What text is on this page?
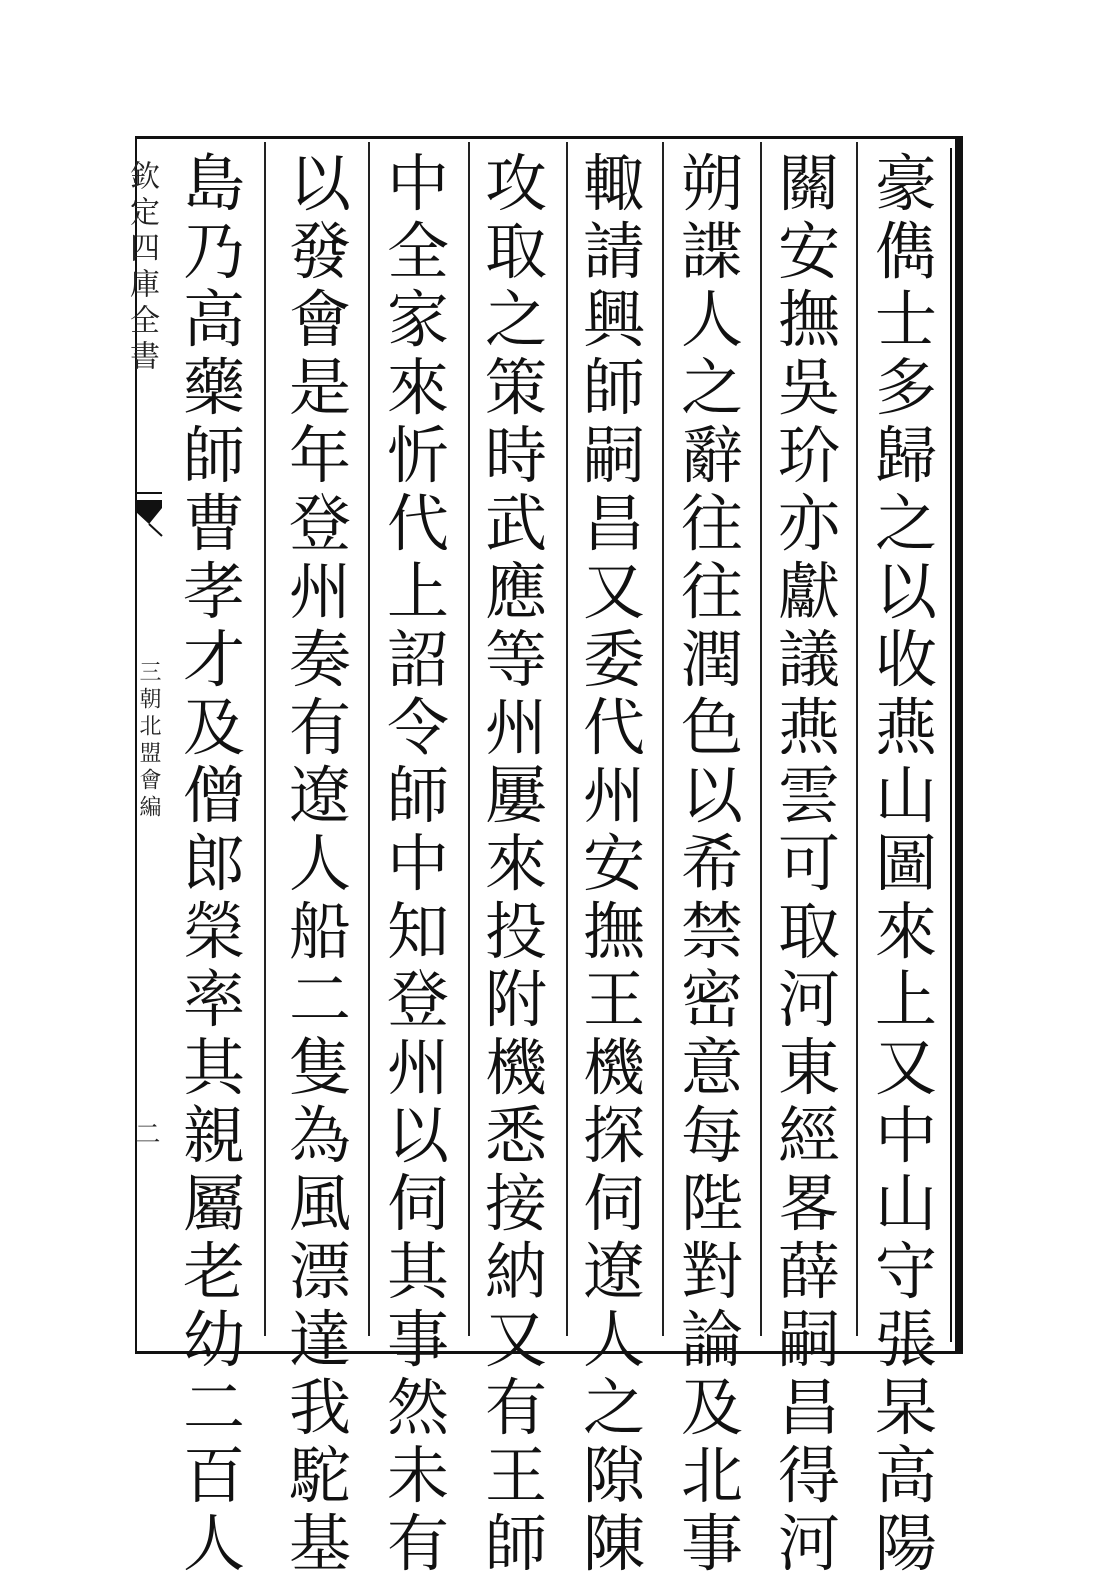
欽定四庫全書
三朝北盟會編
二
豪
儁
士
多
歸
之
以
收
燕
山
圖
來
上
又
中
山
守
張
杲
高
陽
關
安
撫
吳
玠
亦
獻
議
燕
雲
可
取
河
東
經
畧
薛
嗣
昌
得
河
朔
諜
人
之
辭
往
往
潤
色
以
希
禁
密
意
每
陛
對
論
及
北
事
輙
請
興
師
嗣
昌
又
委
代
州
安
撫
王
機
探
伺
遼
人
之
隙
陳
攻
取
之
策
時
武
應
等
州
屢
來
投
附
機
悉
接
納
又
有
王
師
中
全
家
來
忻
代
上
詔
令
師
中
知
登
州
以
伺
其
事
然
未
有
以
發
會
是
年
登
州
奏
有
遼
人
船
二
隻
為
風
漂
達
我
駝
基
島
乃
高
藥
師
曹
孝
才
及
僧
郎
榮
率
其
親
屬
老
幼
二
百
人
